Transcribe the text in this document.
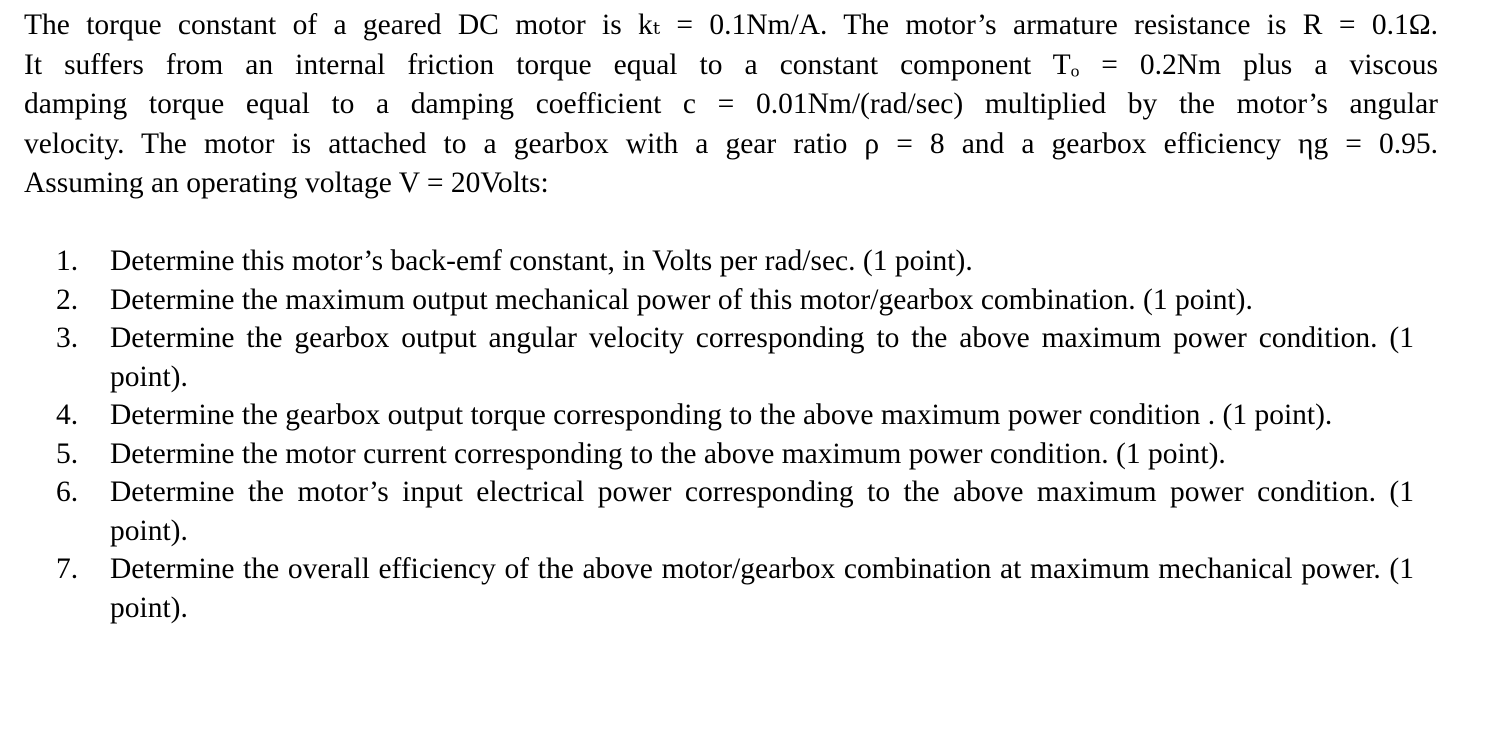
The torque constant of a geared DC motor is kₜ = 0.1Nm/A. The motor’s armature resistance is R = 0.1Ω.
It suffers from an internal friction torque equal to a constant component Tₒ = 0.2Nm plus a viscous
damping torque equal to a damping coefficient c = 0.01Nm/(rad/sec) multiplied by the motor’s angular
velocity. The motor is attached to a gearbox with a gear ratio ρ = 8 and a gearbox efficiency ηg = 0.95.
Assuming an operating voltage V = 20Volts:

1. Determine this motor’s back-emf constant, in Volts per rad/sec. (1 point).
2. Determine the maximum output mechanical power of this motor/gearbox combination. (1 point).
3. Determine the gearbox output angular velocity corresponding to the above maximum power condition. (1 point).
4. Determine the gearbox output torque corresponding to the above maximum power condition . (1 point).
5. Determine the motor current corresponding to the above maximum power condition. (1 point).
6. Determine the motor’s input electrical power corresponding to the above maximum power condition. (1 point).
7. Determine the overall efficiency of the above motor/gearbox combination at maximum mechanical power. (1 point).
